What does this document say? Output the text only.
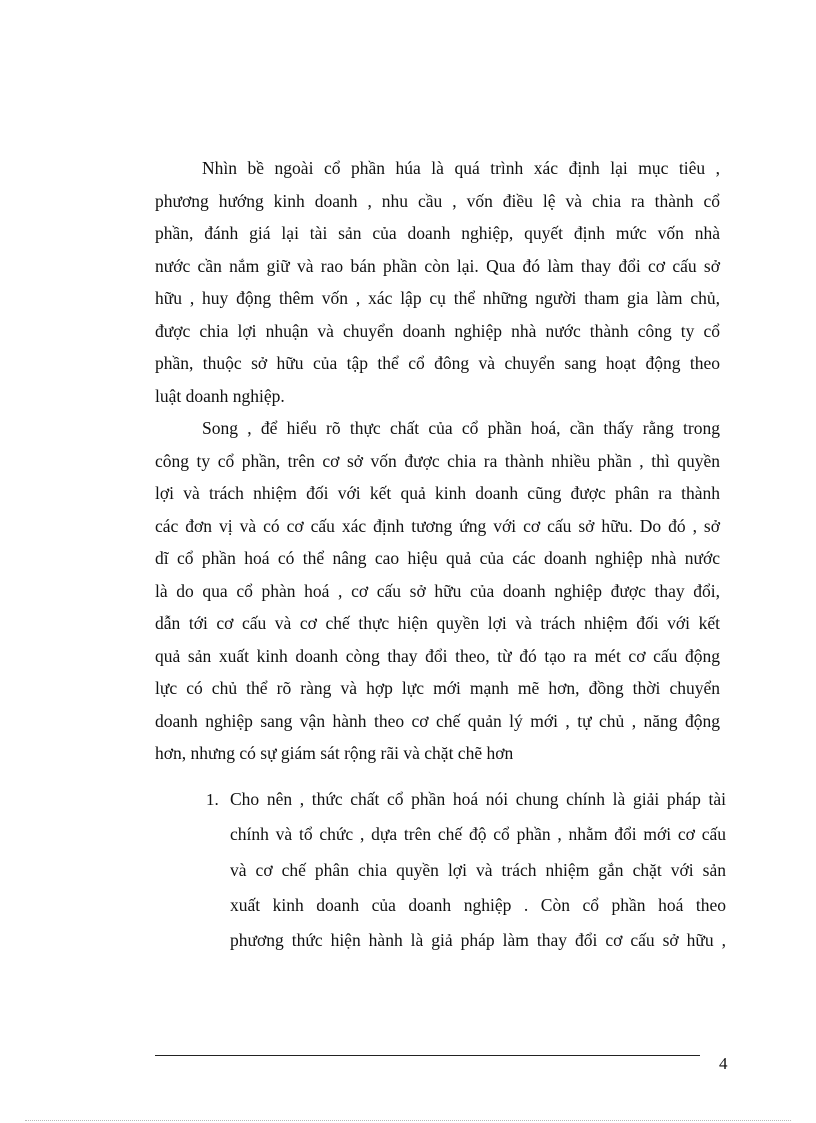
Nhìn bề ngoài cổ phần húa là quá trình xác định lại mục tiêu ,
phương hướng kinh doanh , nhu cầu , vốn điều lệ và chia ra thành cổ
phần, đánh giá lại tài sản của doanh nghiệp, quyết định mức vốn nhà
nước cần nắm giữ và rao bán phần còn lại. Qua đó làm thay đổi cơ cấu sở
hữu , huy động thêm vốn , xác lập cụ thể những người tham gia làm chủ,
được chia lợi nhuận và chuyển doanh nghiệp nhà nước thành công ty cổ
phần, thuộc sở hữu của tập thể cổ đông và chuyển sang hoạt động theo
luật doanh nghiệp.
Song , để hiểu rõ thực chất của cổ phần hoá, cần thấy rằng trong
công ty cổ phần, trên cơ sở vốn được chia ra thành nhiều phần , thì quyền
lợi và trách nhiệm đối với kết quả kinh doanh cũng được phân ra thành
các đơn vị và có cơ cấu xác định tương ứng với cơ cấu sở hữu. Do đó , sở
dĩ cổ phần hoá có thể nâng cao hiệu quả của các doanh nghiệp nhà nước
là do qua cổ phàn hoá , cơ cấu sở hữu của doanh nghiệp được thay đổi,
dẫn tới cơ cấu và cơ chế thực hiện quyền lợi và trách nhiệm đối với kết
quả sản xuất kinh doanh còng thay đổi theo, từ đó tạo ra mét cơ cấu động
lực có chủ thể rõ ràng và hợp lực mới mạnh mẽ hơn, đồng thời chuyển
doanh nghiệp sang vận hành theo cơ chế quản lý mới , tự chủ , năng động
hơn, nhưng có sự giám sát rộng rãi và chặt chẽ hơn
1. Cho nên , thức chất cổ phần hoá nói chung chính là giải pháp tài
chính và tổ chức , dựa trên chế độ cổ phần , nhằm đổi mới cơ cấu
và cơ chế phân chia quyền lợi và trách nhiệm gắn chặt với sản
xuất kinh doanh của doanh nghiệp . Còn cổ phần hoá theo
phương thức hiện hành là giả pháp làm thay đổi cơ cấu sở hữu ,
4
